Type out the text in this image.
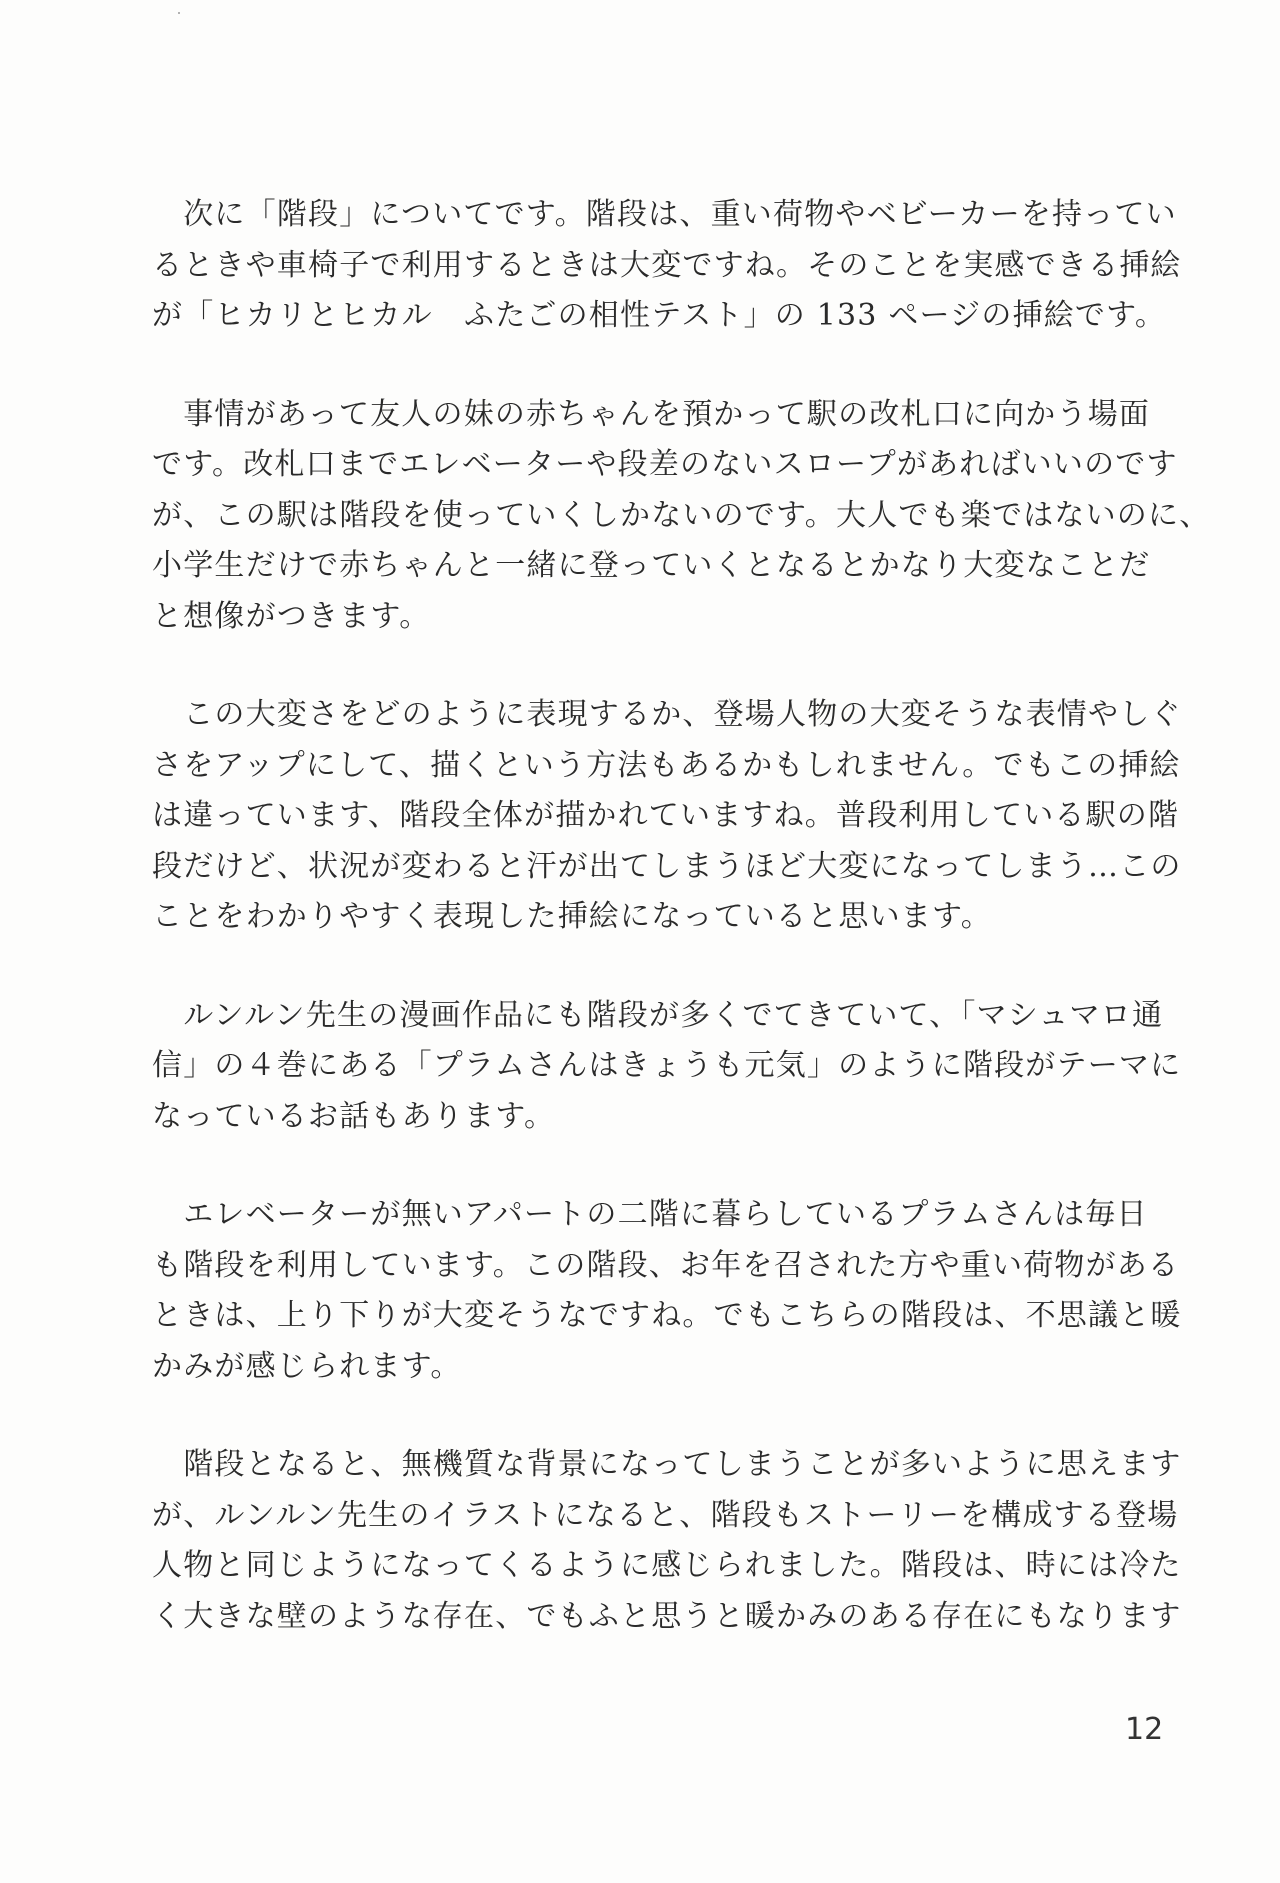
　次に「階段」についてです。階段は、重い荷物やベビーカーを持ってい
るときや車椅子で利用するときは大変ですね。そのことを実感できる挿絵
が「ヒカリとヒカル　ふたごの相性テスト」の 133 ページの挿絵です。

　事情があって友人の妹の赤ちゃんを預かって駅の改札口に向かう場面
です。改札口までエレベーターや段差のないスロープがあればいいのです
が、この駅は階段を使っていくしかないのです。大人でも楽ではないのに、
小学生だけで赤ちゃんと一緒に登っていくとなるとかなり大変なことだ
と想像がつきます。

　この大変さをどのように表現するか、登場人物の大変そうな表情やしぐ
さをアップにして、描くという方法もあるかもしれません。でもこの挿絵
は違っています、階段全体が描かれていますね。普段利用している駅の階
段だけど、状況が変わると汗が出てしまうほど大変になってしまう…この
ことをわかりやすく表現した挿絵になっていると思います。

　ルンルン先生の漫画作品にも階段が多くでてきていて、「マシュマロ通
信」の４巻にある「プラムさんはきょうも元気」のように階段がテーマに
なっているお話もあります。

　エレベーターが無いアパートの二階に暮らしているプラムさんは毎日
も階段を利用しています。この階段、お年を召された方や重い荷物がある
ときは、上り下りが大変そうなですね。でもこちらの階段は、不思議と暖
かみが感じられます。

　階段となると、無機質な背景になってしまうことが多いように思えます
が、ルンルン先生のイラストになると、階段もストーリーを構成する登場
人物と同じようになってくるように感じられました。階段は、時には冷た
く大きな壁のような存在、でもふと思うと暖かみのある存在にもなります

12
